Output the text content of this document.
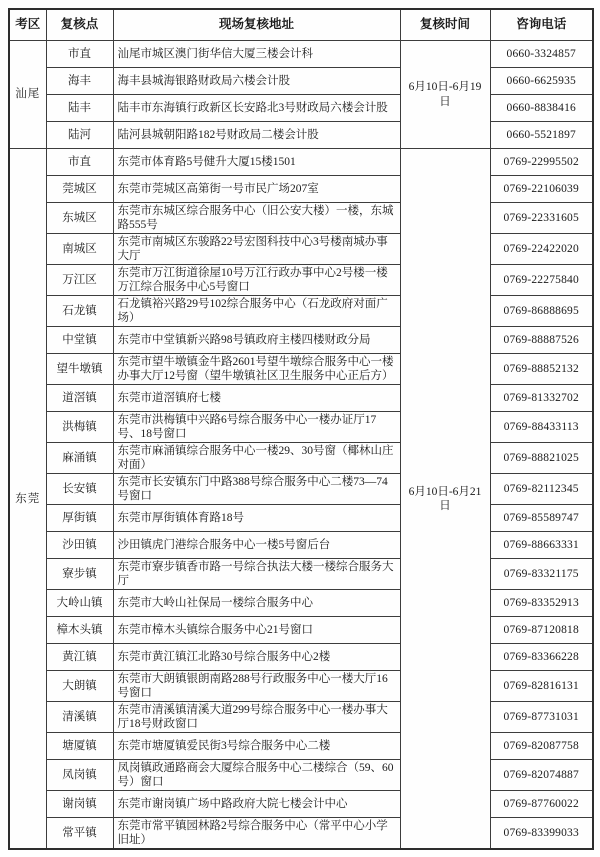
考区	复核点	现场复核地址	复核时间	咨询电话
汕尾	市直	汕尾市城区澳门街华信大厦三楼会计科	6月10日-6月19日	0660-3324857
	海丰	海丰县城海银路财政局六楼会计股		0660-6625935
	陆丰	陆丰市东海镇行政新区长安路北3号财政局六楼会计股		0660-8838416
	陆河	陆河县城朝阳路182号财政局二楼会计股		0660-5521897
东莞	市直	东莞市体育路5号健升大厦15楼1501	6月10日-6月21日	0769-22995502
	莞城区	东莞市莞城区高第街一号市民广场207室		0769-22106039
	东城区	东莞市东城区综合服务中心（旧公安大楼）一楼，东城路555号		0769-22331605
	南城区	东莞市南城区东骏路22号宏图科技中心3号楼南城办事大厅		0769-22422020
	万江区	东莞市万江街道徐屋10号万江行政办事中心2号楼一楼万江综合服务中心5号窗口		0769-22275840
	石龙镇	石龙镇裕兴路29号102综合服务中心（石龙政府对面广场）		0769-86888695
	中堂镇	东莞市中堂镇新兴路98号镇政府主楼四楼财政分局		0769-88887526
	望牛墩镇	东莞市望牛墩镇金牛路2601号望牛墩综合服务中心一楼办事大厅12号窗（望牛墩镇社区卫生服务中心正后方）		0769-88852132
	道滘镇	东莞市道滘镇府七楼		0769-81332702
	洪梅镇	东莞市洪梅镇中兴路6号综合服务中心一楼办证厅17号、18号窗口		0769-88433113
	麻涌镇	东莞市麻涌镇综合服务中心一楼29、30号窗（椰林山庄对面）		0769-88821025
	长安镇	东莞市长安镇东门中路388号综合服务中心二楼73—74号窗口		0769-82112345
	厚街镇	东莞市厚街镇体育路18号		0769-85589747
	沙田镇	沙田镇虎门港综合服务中心一楼5号窗后台		0769-88663331
	寮步镇	东莞市寮步镇香市路一号综合执法大楼一楼综合服务大厅		0769-83321175
	大岭山镇	东莞市大岭山社保局一楼综合服务中心		0769-83352913
	樟木头镇	东莞市樟木头镇综合服务中心21号窗口		0769-87120818
	黄江镇	东莞市黄江镇江北路30号综合服务中心2楼		0769-83366228
	大朗镇	东莞市大朗镇银朗南路288号行政服务中心一楼大厅16号窗口		0769-82816131
	清溪镇	东莞市清溪镇清溪大道299号综合服务中心一楼办事大厅18号财政窗口		0769-87731031
	塘厦镇	东莞市塘厦镇爱民街3号综合服务中心二楼		0769-82087758
	凤岗镇	凤岗镇政通路商会大厦综合服务中心二楼综合（59、60号）窗口		0769-82074887
	谢岗镇	东莞市谢岗镇广场中路政府大院七楼会计中心		0769-87760022
	常平镇	东莞市常平镇园林路2号综合服务中心（常平中心小学旧址）		0769-83399033
